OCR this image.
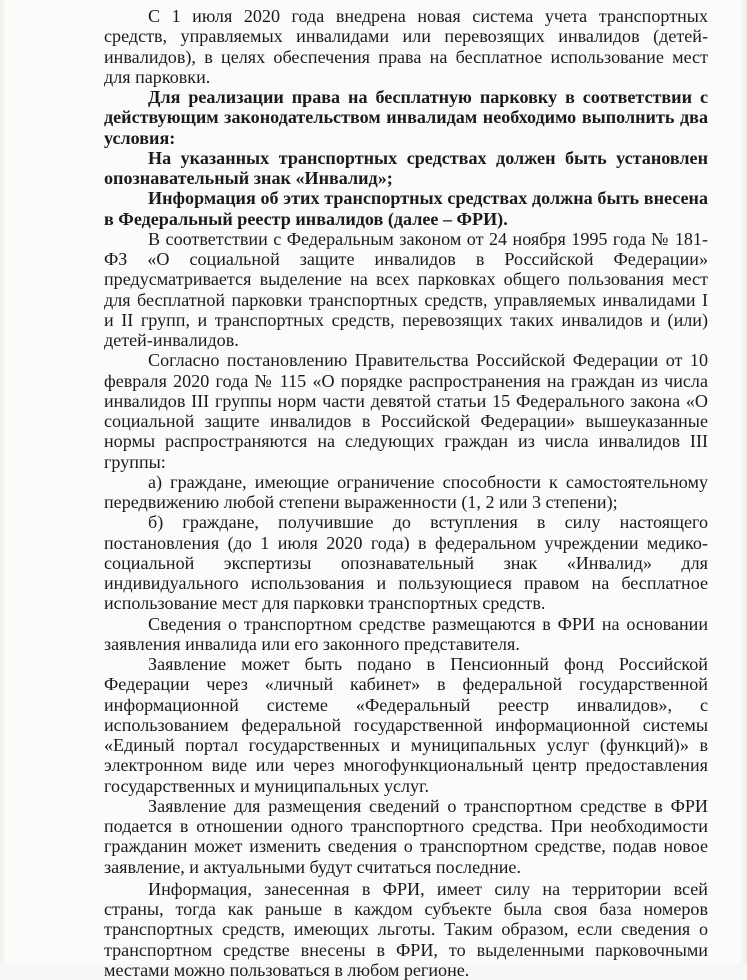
С 1 июля 2020 года внедрена новая система учета транспортных средств, управляемых инвалидами или перевозящих инвалидов (детей-инвалидов), в целях обеспечения права на бесплатное использование мест для парковки.

Для реализации права на бесплатную парковку в соответствии с действующим законодательством инвалидам необходимо выполнить два условия:

На указанных транспортных средствах должен быть установлен опознавательный знак «Инвалид»;

Информация об этих транспортных средствах должна быть внесена в Федеральный реестр инвалидов (далее – ФРИ).

В соответствии с Федеральным законом от 24 ноября 1995 года № 181-ФЗ «О социальной защите инвалидов в Российской Федерации» предусматривается выделение на всех парковках общего пользования мест для бесплатной парковки транспортных средств, управляемых инвалидами I и II групп, и транспортных средств, перевозящих таких инвалидов и (или) детей-инвалидов.

Согласно постановлению Правительства Российской Федерации от 10 февраля 2020 года № 115 «О порядке распространения на граждан из числа инвалидов III группы норм части девятой статьи 15 Федерального закона «О социальной защите инвалидов в Российской Федерации» вышеуказанные нормы распространяются на следующих граждан из числа инвалидов III группы:

а) граждане, имеющие ограничение способности к самостоятельному передвижению любой степени выраженности (1, 2 или 3 степени);

б) граждане, получившие до вступления в силу настоящего постановления (до 1 июля 2020 года) в федеральном учреждении медико-социальной экспертизы опознавательный знак «Инвалид» для индивидуального использования и пользующиеся правом на бесплатное использование мест для парковки транспортных средств.

Сведения о транспортном средстве размещаются в ФРИ на основании заявления инвалида или его законного представителя.

Заявление может быть подано в Пенсионный фонд Российской Федерации через «личный кабинет» в федеральной государственной информационной системе «Федеральный реестр инвалидов», с использованием федеральной государственной информационной системы «Единый портал государственных и муниципальных услуг (функций)» в электронном виде или через многофункциональный центр предоставления государственных и муниципальных услуг.

Заявление для размещения сведений о транспортном средстве в ФРИ подается в отношении одного транспортного средства. При необходимости гражданин может изменить сведения о транспортном средстве, подав новое заявление, и актуальными будут считаться последние.

Информация, занесенная в ФРИ, имеет силу на территории всей страны, тогда как раньше в каждом субъекте была своя база номеров транспортных средств, имеющих льготы. Таким образом, если сведения о транспортном средстве внесены в ФРИ, то выделенными парковочными местами можно пользоваться в любом регионе.
